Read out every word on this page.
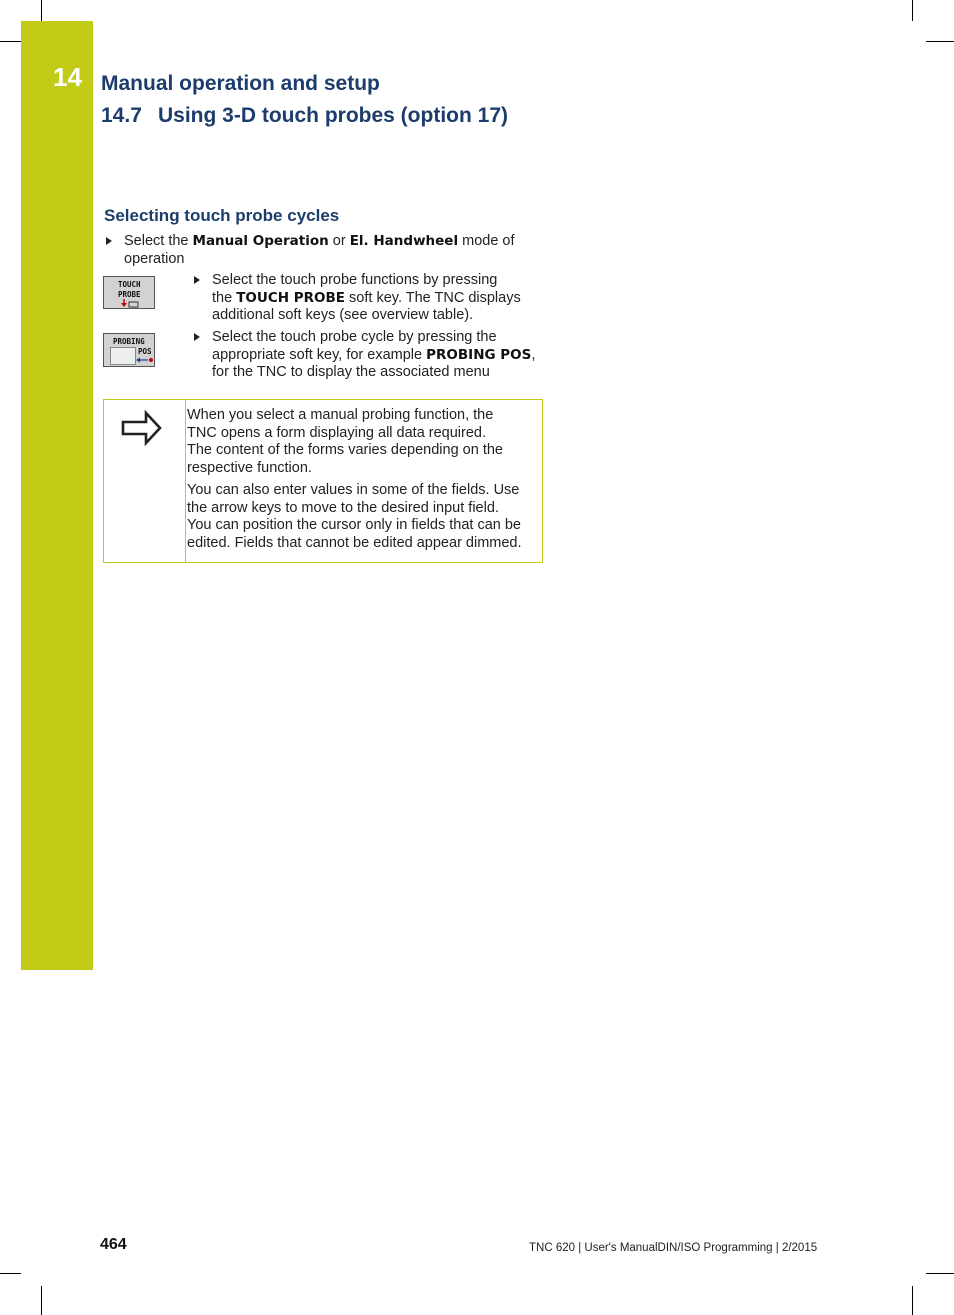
14 Manual operation and setup
14.7 Using 3-D touch probes (option 17)
Selecting touch probe cycles
Select the Manual Operation or El. Handwheel mode of
operation
TOUCH
PROBE
Select the touch probe functions by pressing
the TOUCH PROBE soft key. The TNC displays
additional soft keys (see overview table).
PROBING
POS
Select the touch probe cycle by pressing the
appropriate soft key, for example PROBING POS,
for the TNC to display the associated menu
When you select a manual probing function, the
TNC opens a form displaying all data required.
The content of the forms varies depending on the
respective function.
You can also enter values in some of the fields. Use
the arrow keys to move to the desired input field.
You can position the cursor only in fields that can be
edited. Fields that cannot be edited appear dimmed.
464	TNC 620 | User's ManualDIN/ISO Programming | 2/2015
